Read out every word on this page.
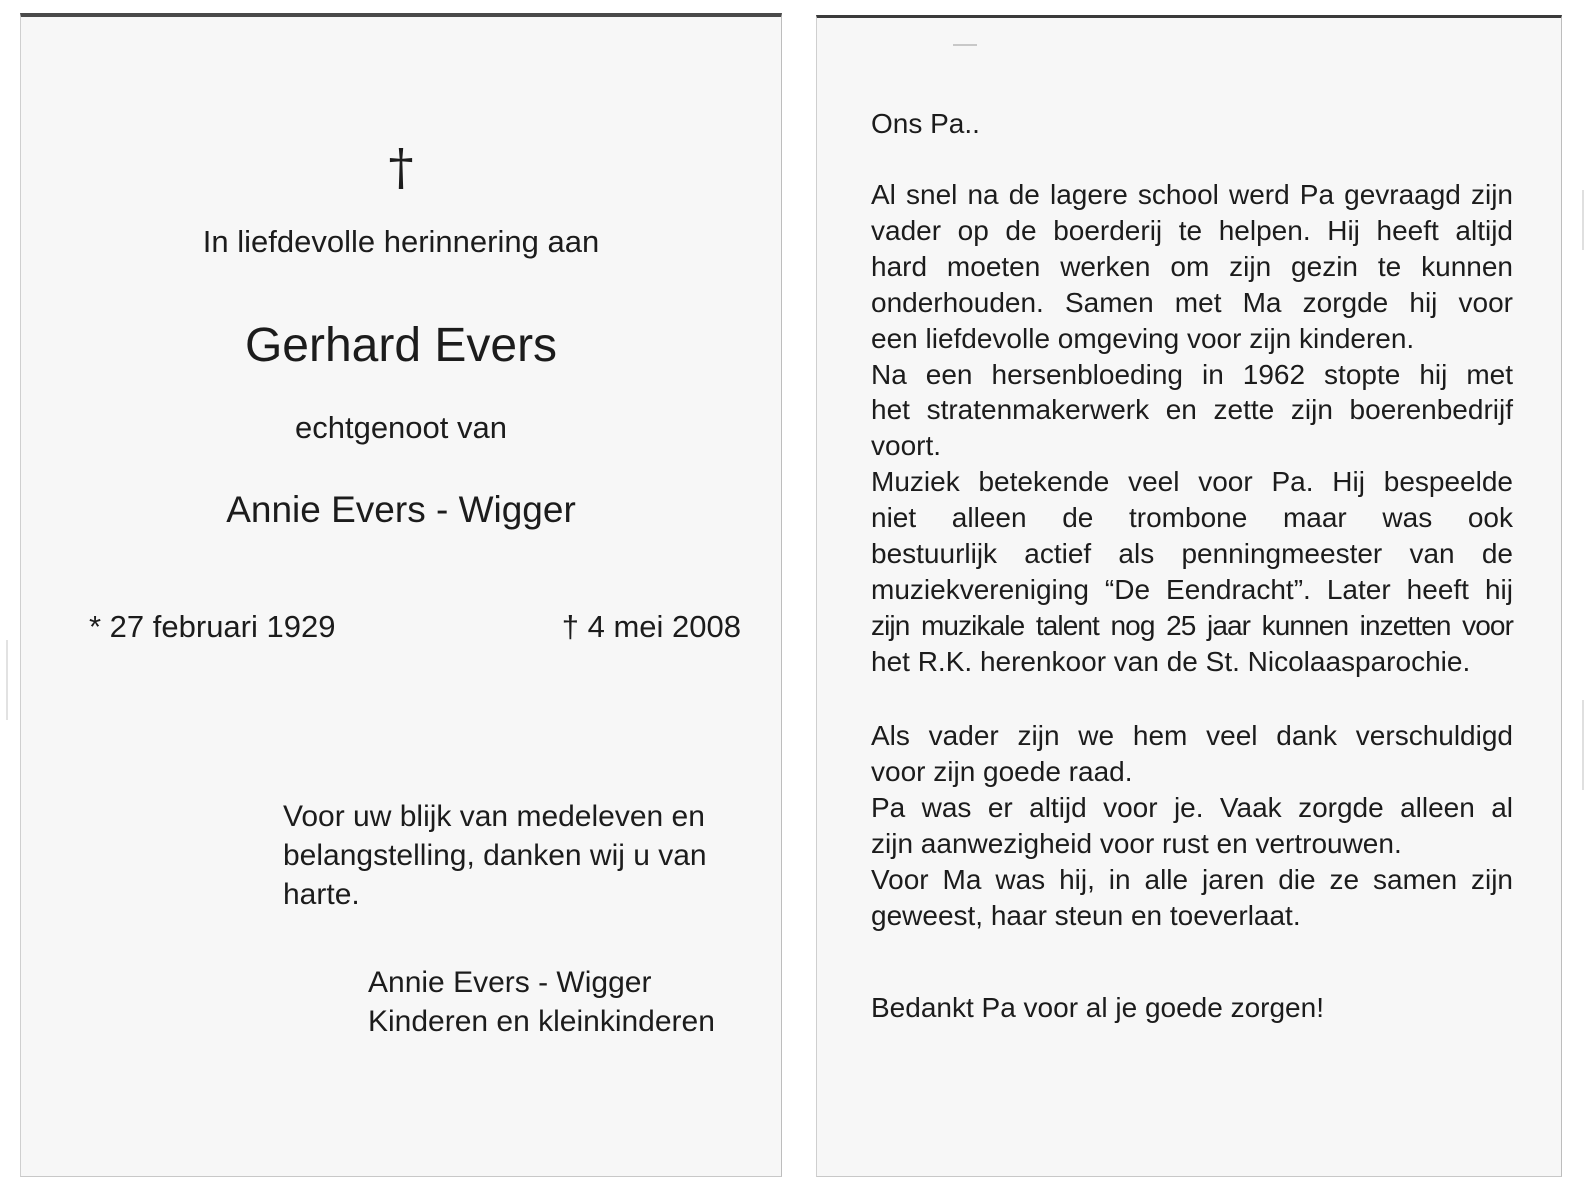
†
In liefdevolle herinnering aan
Gerhard Evers
echtgenoot van
Annie Evers - Wigger
* 27 februari 1929	† 4 mei 2008
Voor uw blijk van medeleven en
belangstelling, danken wij u van
harte.
Annie Evers - Wigger
Kinderen en kleinkinderen
Ons Pa..
Al snel na de lagere school werd Pa gevraagd zijn
vader op de boerderij te helpen. Hij heeft altijd
hard moeten werken om zijn gezin te kunnen
onderhouden. Samen met Ma zorgde hij voor
een liefdevolle omgeving voor zijn kinderen.
Na een hersenbloeding in 1962 stopte hij met
het stratenmakerwerk en zette zijn boerenbedrijf
voort.
Muziek betekende veel voor Pa. Hij bespeelde
niet alleen de trombone maar was ook
bestuurlijk actief als penningmeester van de
muziekvereniging “De Eendracht”. Later heeft hij
zijn muzikale talent nog 25 jaar kunnen inzetten voor
het R.K. herenkoor van de St. Nicolaasparochie.
Als vader zijn we hem veel dank verschuldigd
voor zijn goede raad.
Pa was er altijd voor je. Vaak zorgde alleen al
zijn aanwezigheid voor rust en vertrouwen.
Voor Ma was hij, in alle jaren die ze samen zijn
geweest, haar steun en toeverlaat.
Bedankt Pa voor al je goede zorgen!
